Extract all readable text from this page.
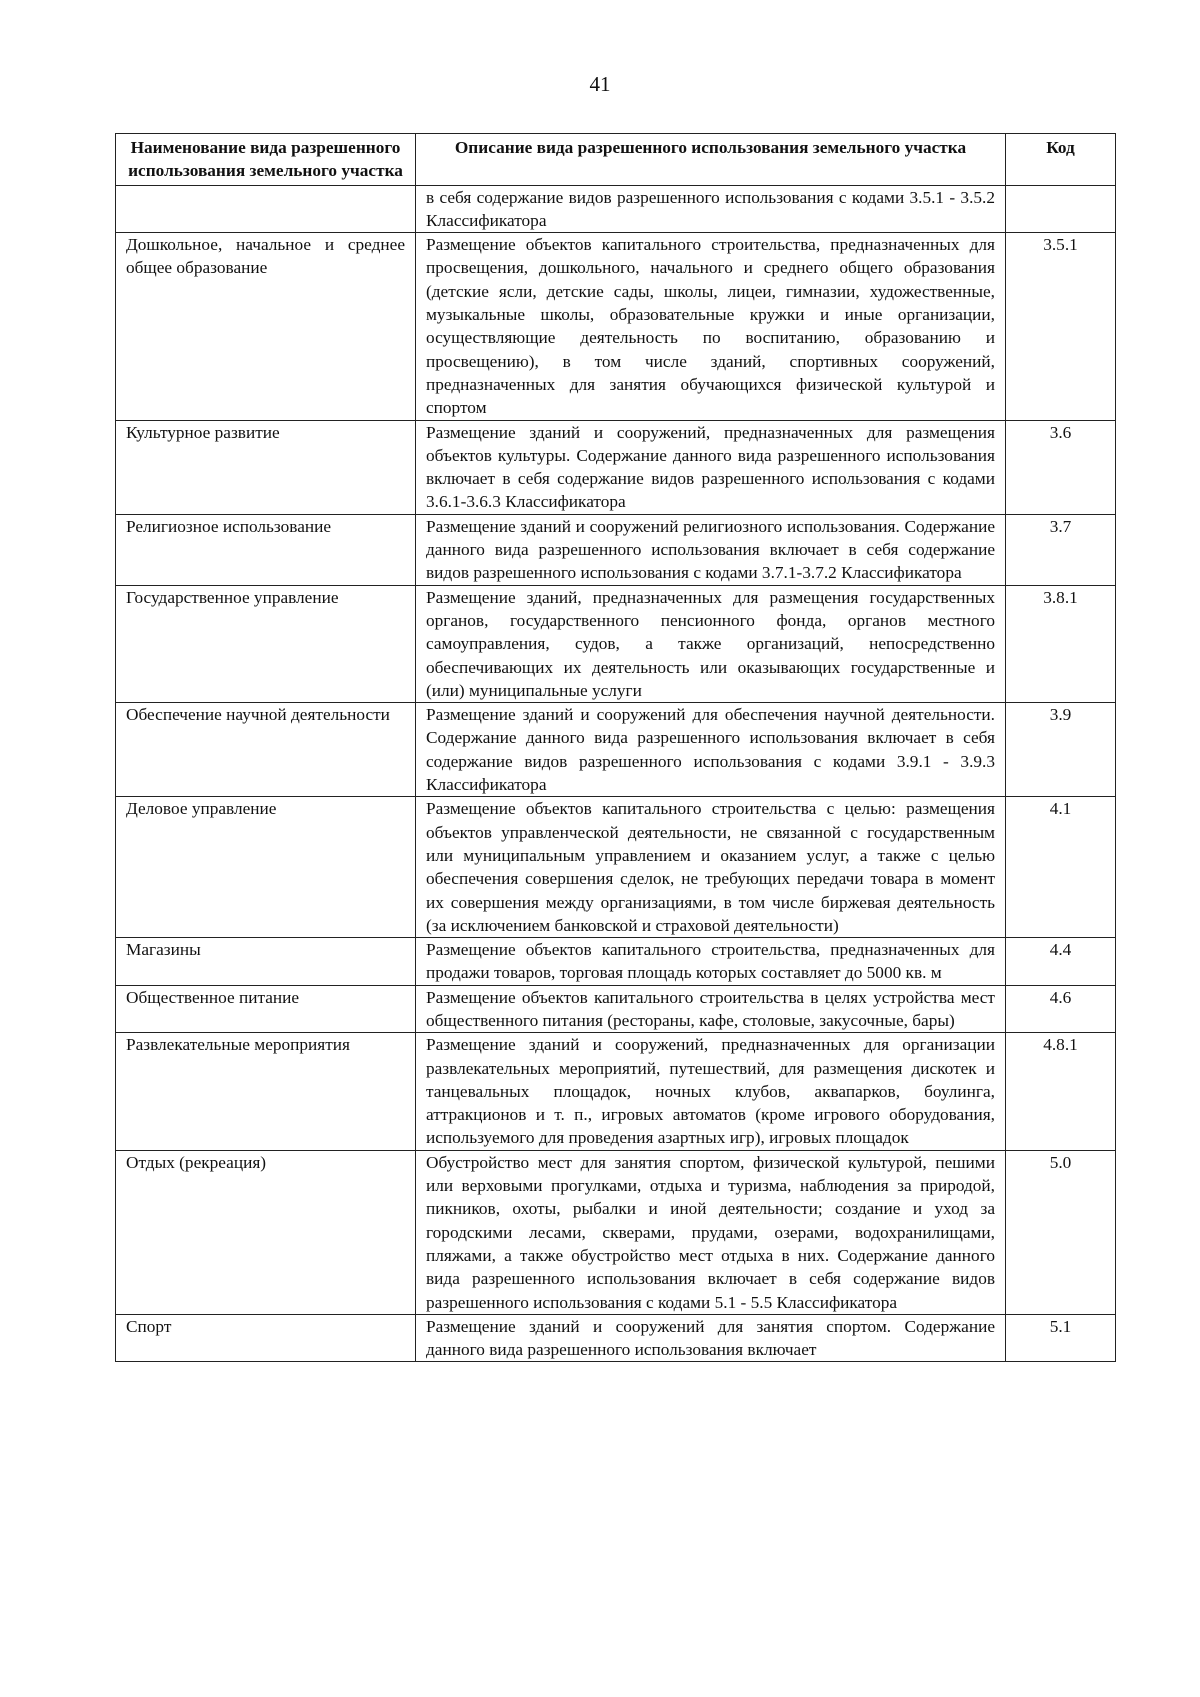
41
Наименование вида разрешенного использования земельного участка	Описание вида разрешенного использования земельного участка	Код
	в себя содержание видов разрешенного использования с кодами 3.5.1 - 3.5.2 Классификатора	
Дошкольное, начальное и среднее общее образование	Размещение объектов капитального строительства, предназначенных для просвещения, дошкольного, начального и среднего общего образования (детские ясли, детские сады, школы, лицеи, гимназии, художественные, музыкальные школы, образовательные кружки и иные организации, осуществляющие деятельность по воспитанию, образованию и просвещению), в том числе зданий, спортивных сооружений, предназначенных для занятия обучающихся физической культурой и спортом	3.5.1
Культурное развитие	Размещение зданий и сооружений, предназначенных для размещения объектов культуры. Содержание данного вида разрешенного использования включает в себя содержание видов разрешенного использования с кодами 3.6.1-3.6.3 Классификатора	3.6
Религиозное использование	Размещение зданий и сооружений религиозного использования. Содержание данного вида разрешенного использования включает в себя содержание видов разрешенного использования с кодами 3.7.1-3.7.2 Классификатора	3.7
Государственное управление	Размещение зданий, предназначенных для размещения государственных органов, государственного пенсионного фонда, органов местного самоуправления, судов, а также организаций, непосредственно обеспечивающих их деятельность или оказывающих государственные и (или) муниципальные услуги	3.8.1
Обеспечение научной деятельности	Размещение зданий и сооружений для обеспечения научной деятельности. Содержание данного вида разрешенного использования включает в себя содержание видов разрешенного использования с кодами 3.9.1 - 3.9.3 Классификатора	3.9
Деловое управление	Размещение объектов капитального строительства с целью: размещения объектов управленческой деятельности, не связанной с государственным или муниципальным управлением и оказанием услуг, а также с целью обеспечения совершения сделок, не требующих передачи товара в момент их совершения между организациями, в том числе биржевая деятельность (за исключением банковской и страховой деятельности)	4.1
Магазины	Размещение объектов капитального строительства, предназначенных для продажи товаров, торговая площадь которых составляет до 5000 кв. м	4.4
Общественное питание	Размещение объектов капитального строительства в целях устройства мест общественного питания (рестораны, кафе, столовые, закусочные, бары)	4.6
Развлекательные мероприятия	Размещение зданий и сооружений, предназначенных для организации развлекательных мероприятий, путешествий, для размещения дискотек и танцевальных площадок, ночных клубов, аквапарков, боулинга, аттракционов и т. п., игровых автоматов (кроме игрового оборудования, используемого для проведения азартных игр), игровых площадок	4.8.1
Отдых (рекреация)	Обустройство мест для занятия спортом, физической культурой, пешими или верховыми прогулками, отдыха и туризма, наблюдения за природой, пикников, охоты, рыбалки и иной деятельности; создание и уход за городскими лесами, скверами, прудами, озерами, водохранилищами, пляжами, а также обустройство мест отдыха в них. Содержание данного вида разрешенного использования включает в себя содержание видов разрешенного использования с кодами 5.1 - 5.5 Классификатора	5.0
Спорт	Размещение зданий и сооружений для занятия спортом. Содержание данного вида разрешенного использования включает	5.1
